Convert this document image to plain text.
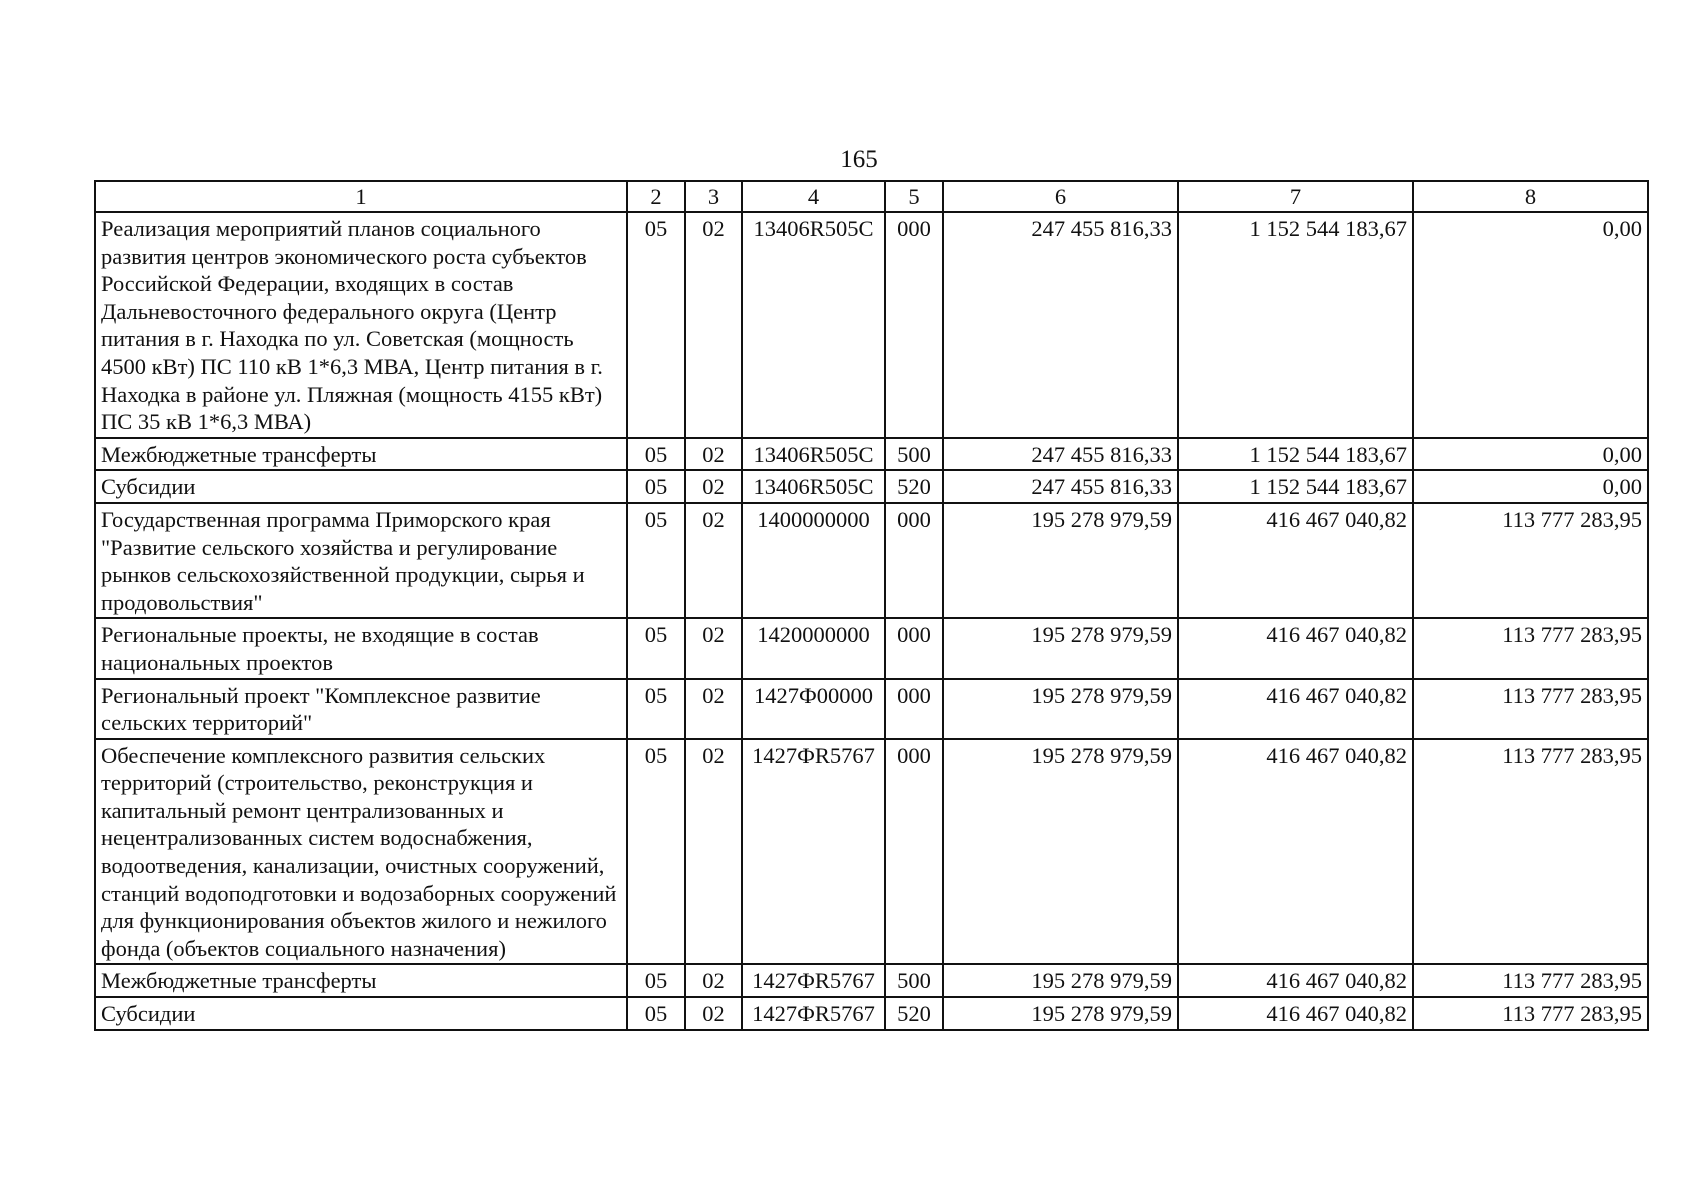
165
1	2	3	4	5	6	7	8
Реализация мероприятий планов социального развития центров экономического роста субъектов Российской Федерации, входящих в состав Дальневосточного федерального округа (Центр питания в г. Находка по ул. Советская (мощность 4500 кВт) ПС 110 кВ 1*6,3 МВА, Центр питания в г. Находка в районе ул. Пляжная (мощность 4155 кВт) ПС 35 кВ 1*6,3 МВА)	05	02	13406R505C	000	247 455 816,33	1 152 544 183,67	0,00
Межбюджетные трансферты	05	02	13406R505C	500	247 455 816,33	1 152 544 183,67	0,00
Субсидии	05	02	13406R505C	520	247 455 816,33	1 152 544 183,67	0,00
Государственная программа Приморского края "Развитие сельского хозяйства и регулирование рынков сельскохозяйственной продукции, сырья и продовольствия"	05	02	1400000000	000	195 278 979,59	416 467 040,82	113 777 283,95
Региональные проекты, не входящие в состав национальных проектов	05	02	1420000000	000	195 278 979,59	416 467 040,82	113 777 283,95
Региональный проект "Комплексное развитие сельских территорий"	05	02	1427Ф00000	000	195 278 979,59	416 467 040,82	113 777 283,95
Обеспечение комплексного развития сельских территорий (строительство, реконструкция и капитальный ремонт централизованных и нецентрализованных систем водоснабжения, водоотведения, канализации, очистных сооружений, станций водоподготовки и водозаборных сооружений для функционирования объектов жилого и нежилого фонда (объектов социального назначения)	05	02	1427ФR5767	000	195 278 979,59	416 467 040,82	113 777 283,95
Межбюджетные трансферты	05	02	1427ФR5767	500	195 278 979,59	416 467 040,82	113 777 283,95
Субсидии	05	02	1427ФR5767	520	195 278 979,59	416 467 040,82	113 777 283,95
